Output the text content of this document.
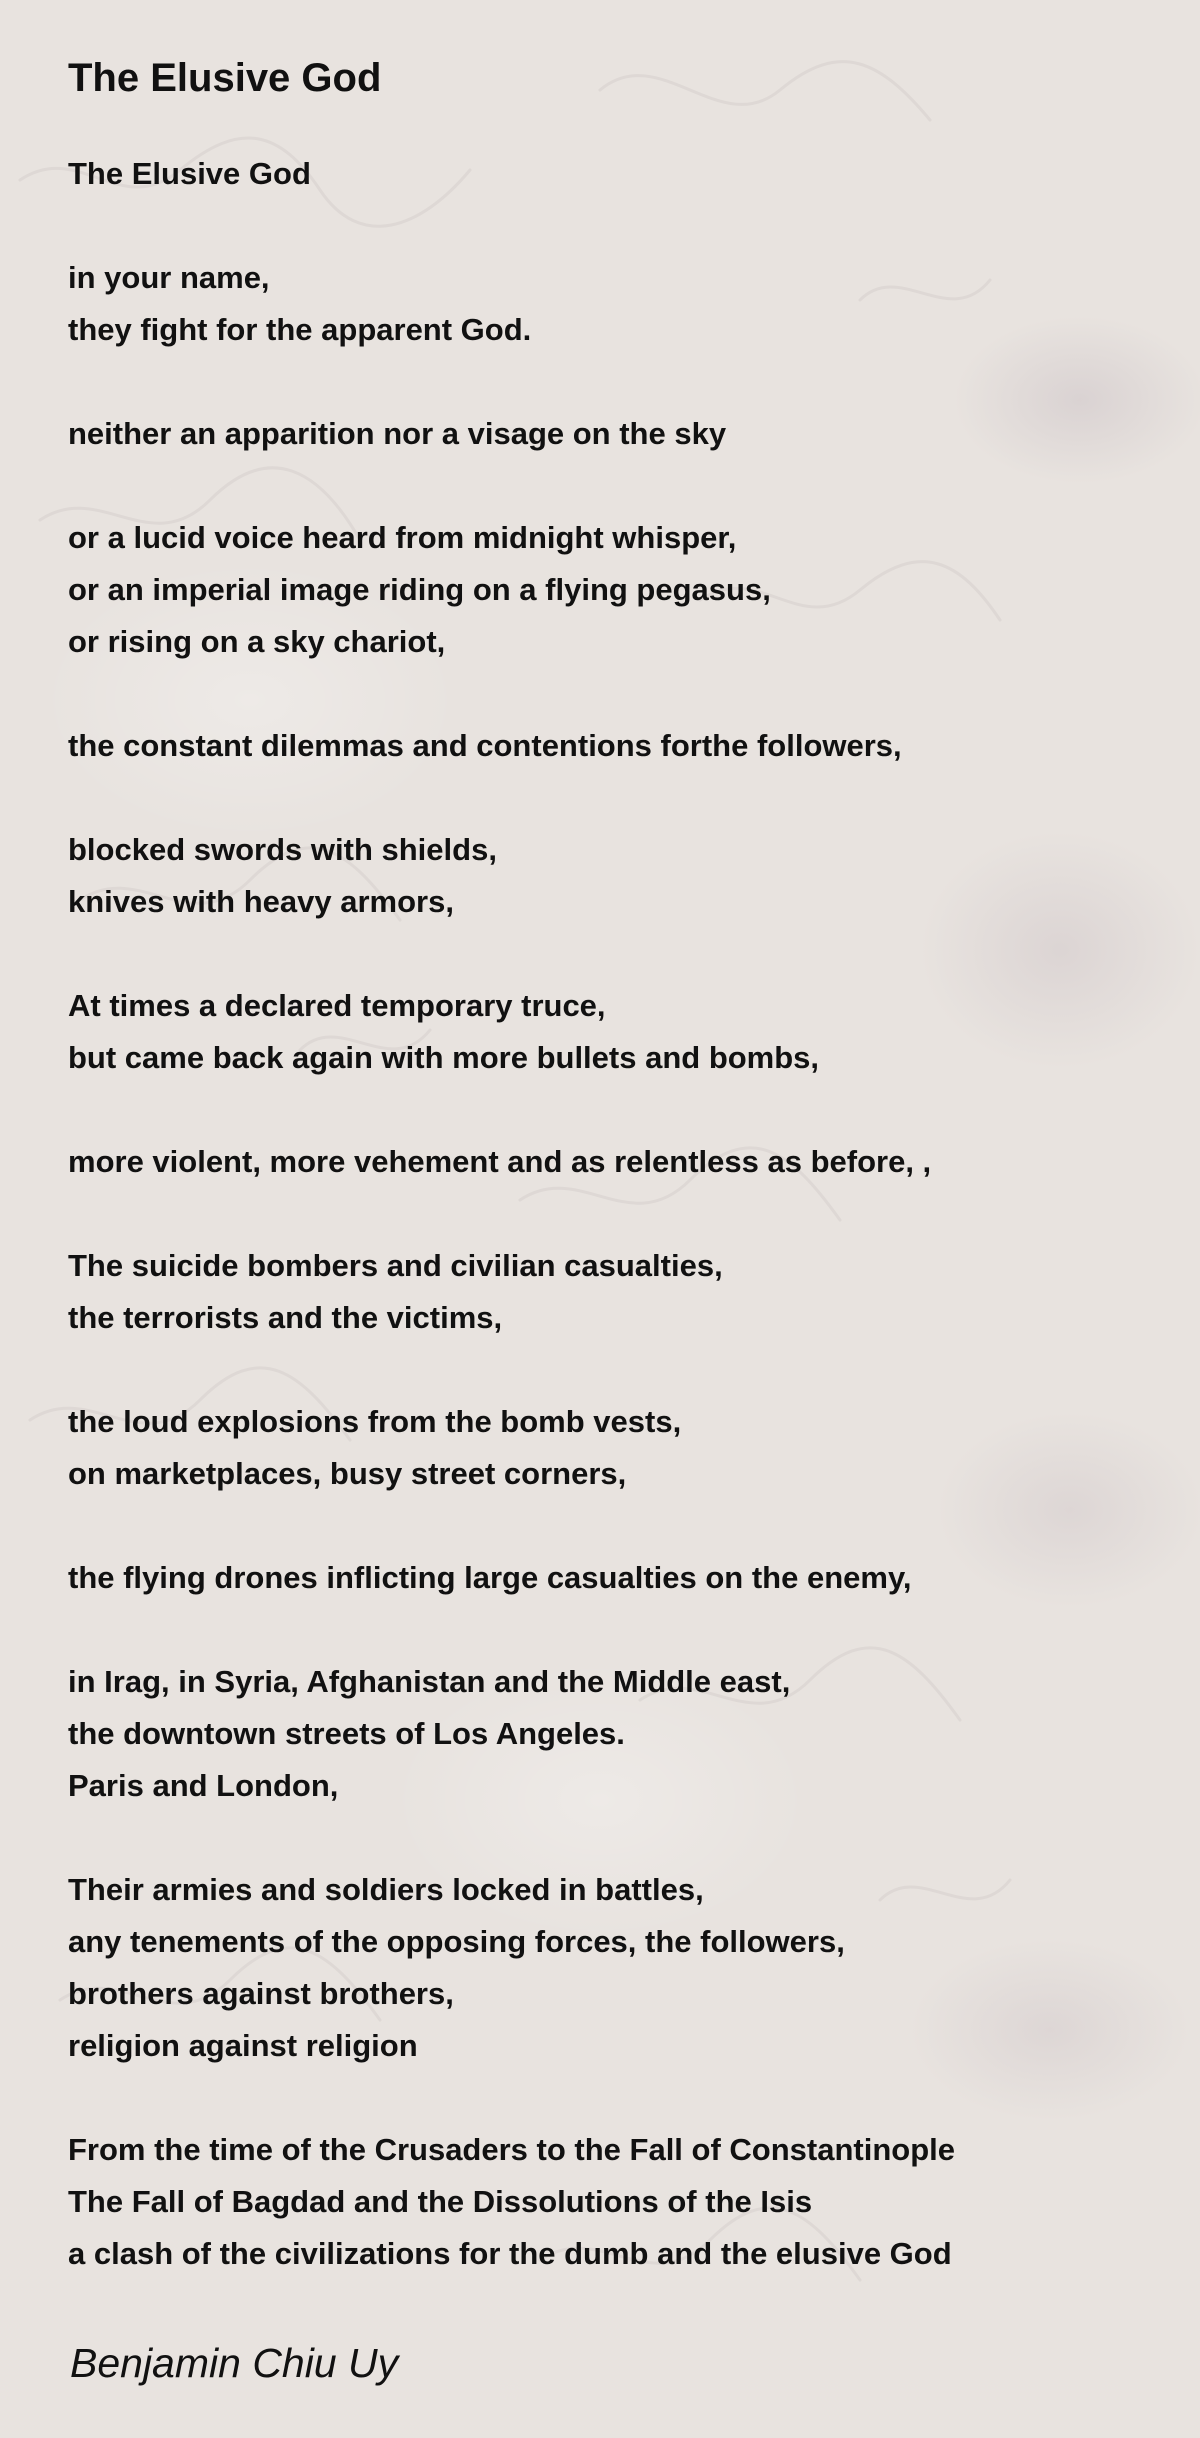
The Elusive God
The Elusive God
in your name,
they fight for the apparent God.
neither an apparition nor a visage on the sky
or a lucid voice heard from midnight whisper,
or an imperial image riding on a flying pegasus,
or rising on a sky chariot,
the constant dilemmas and contentions forthe followers,
blocked swords with shields,
knives with heavy armors,
At times a declared temporary truce,
but came back again with more bullets and bombs,
more violent, more vehement and as relentless as before, ,
The suicide bombers and civilian casualties,
the terrorists and the victims,
the loud explosions from the bomb vests,
on marketplaces, busy street corners,
the flying drones inflicting large casualties on the enemy,
in Irag, in Syria, Afghanistan and the Middle east,
the downtown streets of Los Angeles.
Paris and London,
Their armies and soldiers locked in battles,
any tenements of the opposing forces, the followers,
brothers against brothers,
religion against religion
From the time of the Crusaders to the Fall of Constantinople
The Fall of Bagdad and the Dissolutions of the Isis
a clash of the civilizations for the dumb and the elusive God
Benjamin Chiu Uy
